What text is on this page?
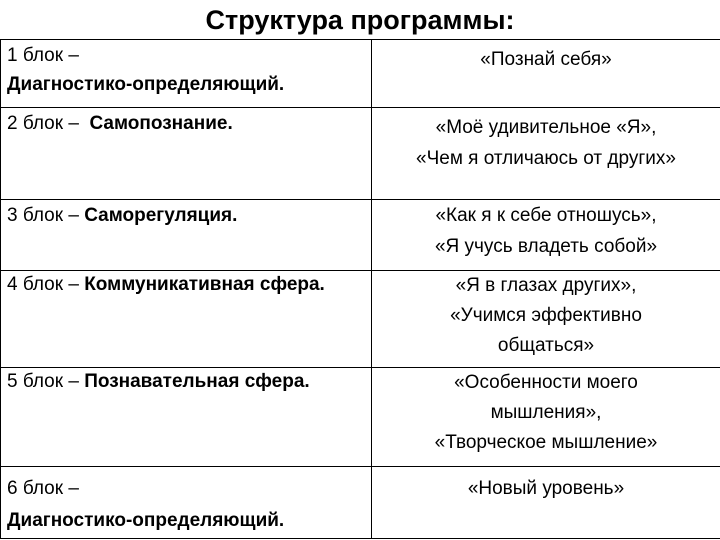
Структура программы:
1 блок –
Диагностико-определяющий.	«Познай себя»

2 блок – Самопознание.	«Моё удивительное «Я»,
«Чем я отличаюсь от других»

3 блок – Саморегуляция.	«Как я к себе отношусь»,
«Я учусь владеть собой»

4 блок – Коммуникативная сфера.	«Я в глазах других»,
«Учимся эффективно
общаться»

5 блок – Познавательная сфера.	«Особенности моего
мышления»,
«Творческое мышление»

6 блок –
Диагностико-определяющий.	«Новый уровень»
